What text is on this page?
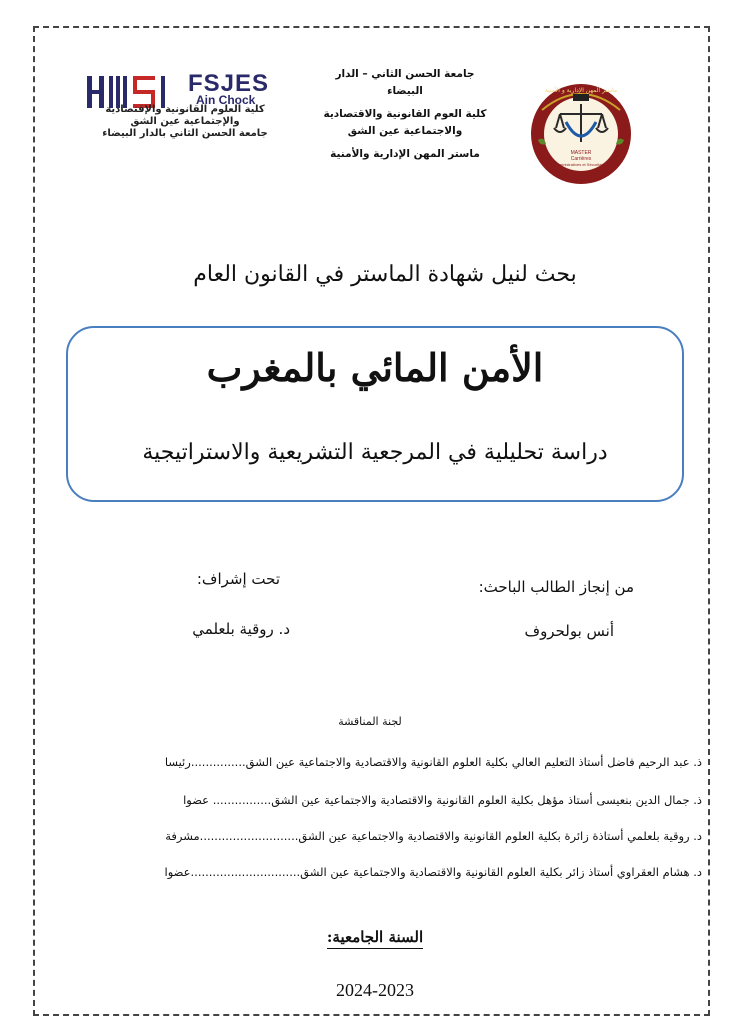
FSJES
Ain Chock
كلية العلوم القانونية والإقتصادية
والإجتماعية عين الشق
جامعة الحسن الثاني بالدار البيضاء
جامعة الحسن الثاني – الدار
البيضاء
كلية العوم القانونية والاقتصادية
والاجتماعية عين الشق
ماستر المهن الإدارية والأمنية	MASTER
Carrières
Administratives et Sécuritaires
ماستر المهن الإدارية و الأمنية
بحث لنيل شهادة الماستر في القانون العام
الأمن المائي بالمغرب
دراسة تحليلية في المرجعية التشريعية والاستراتيجية
من إنجاز الطالب الباحث:
أنس بولحروف
تحت إشراف:
د. روقية بلعلمي
لجنة المناقشة
ذ. عبد الرحيم فاضل أستاذ التعليم العالي بكلية العلوم القانونية والاقتصادية والاجتماعية عين الشق...............رئيسا
ذ. جمال الدين بنعيسى أستاذ مؤهل بكلية العلوم القانونية والاقتصادية والاجتماعية عين الشق................ عضوا
د. روقية بلعلمي أستاذة زائرة بكلية العلوم القانونية والاقتصادية والاجتماعية عين الشق...........................مشرفة
د. هشام العقراوي أستاذ زائر بكلية العلوم القانونية والاقتصادية والاجتماعية عين الشق..............................عضوا
السنة الجامعية:
2024-2023
